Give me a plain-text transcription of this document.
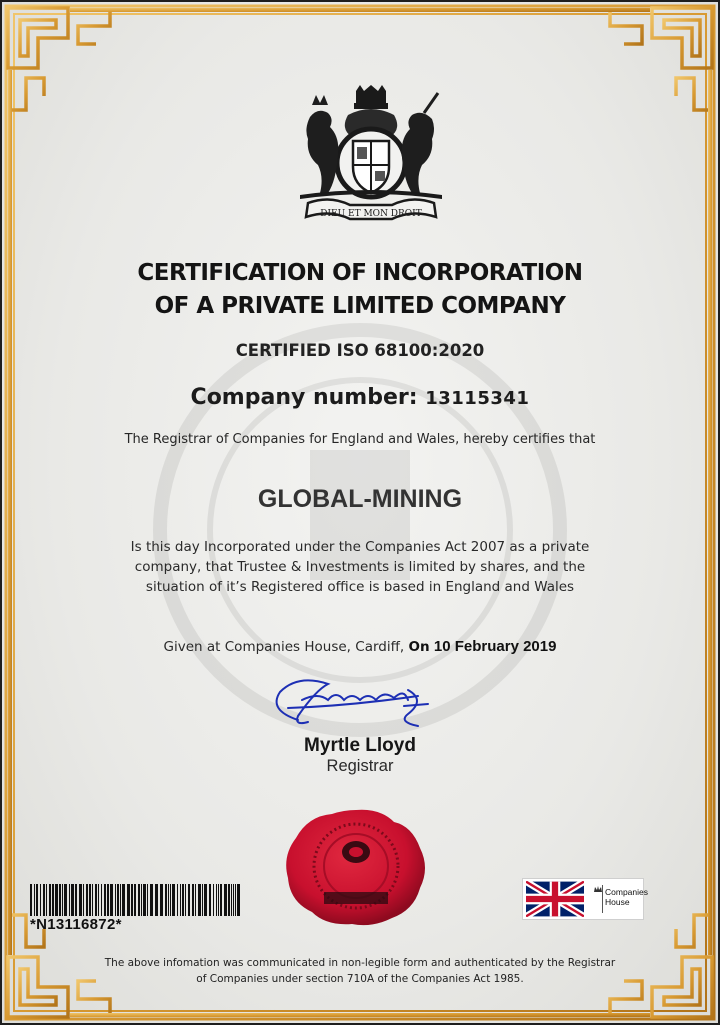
DIEU ET MON DROIT
CERTIFICATION OF INCORPORATION
OF A PRIVATE LIMITED COMPANY
CERTIFIED ISO 68100:2020
Company number: 13115341
The Registrar of Companies for England and Wales, hereby certifies that
GLOBAL-MINING
Is this day Incorporated under the Companies Act 2007 as a private
company, that Trustee & Investments is limited by shares, and the
situation of it’s Registered office is based in England and Wales
Given at Companies House, Cardiff, On 10 February 2019
Myrtle Lloyd
Registrar
*N13116872*
Companies
House
The above infomation was communicated in non-legible form and authenticated by the Registrar
of Companies under section 710A of the Companies Act 1985.
